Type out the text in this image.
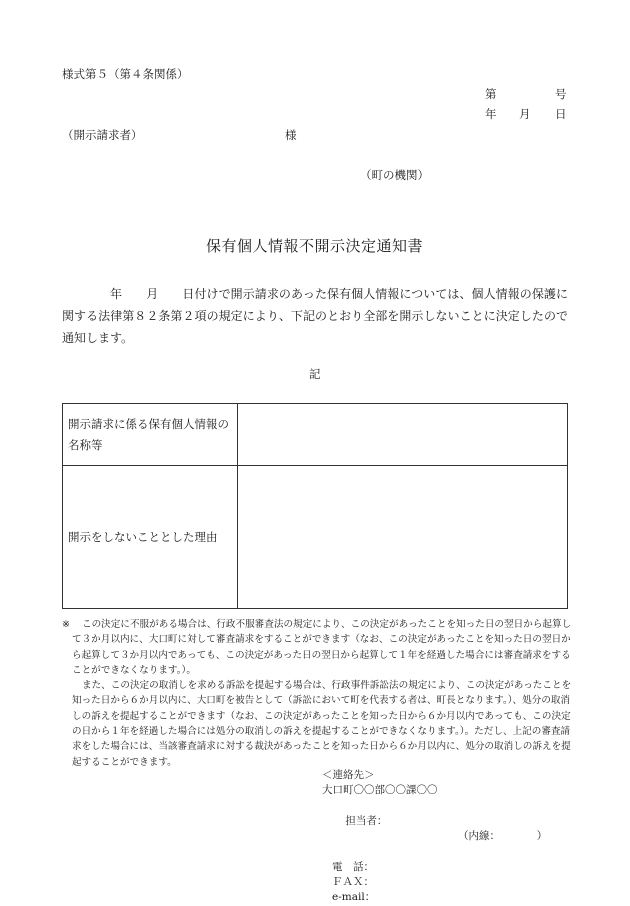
様式第５（第４条関係）
第	号
年 月 日
（開示請求者）	様
（町の機関）
保有個人情報不開示決定通知書
年　　月　　日付けで開示請求のあった保有個人情報については、個人情報の保護に関する法律第８２条第２項の規定により、下記のとおり全部を開示しないことに決定したので通知します。
記
開示請求に係る保有個人情報の名称等	
開示をしないこととした理由	
※	この決定に不服がある場合は、行政不服審査法の規定により、この決定があったことを知った日の翌日から起算して３か月以内に、大口町に対して審査請求をすることができます（なお、この決定があったことを知った日の翌日から起算して３か月以内であっても、この決定があった日の翌日から起算して１年を経過した場合には審査請求をすることができなくなります。）。
また、この決定の取消しを求める訴訟を提起する場合は、行政事件訴訟法の規定により、この決定があったことを知った日から６か月以内に、大口町を被告として（訴訟において町を代表する者は、町長となります。）、処分の取消しの訴えを提起することができます（なお、この決定があったことを知った日から６か月以内であっても、この決定の日から１年を経過した場合には処分の取消しの訴えを提起することができなくなります。）。ただし、上記の審査請求をした場合には、当該審査請求に対する裁決があったことを知った日から６か月以内に、処分の取消しの訴えを提起することができます。
＜連絡先＞
大口町〇〇部〇〇課〇〇

担当者：

（内線：　　　　）

電　話：
ＦＡＸ：
e-mail：
